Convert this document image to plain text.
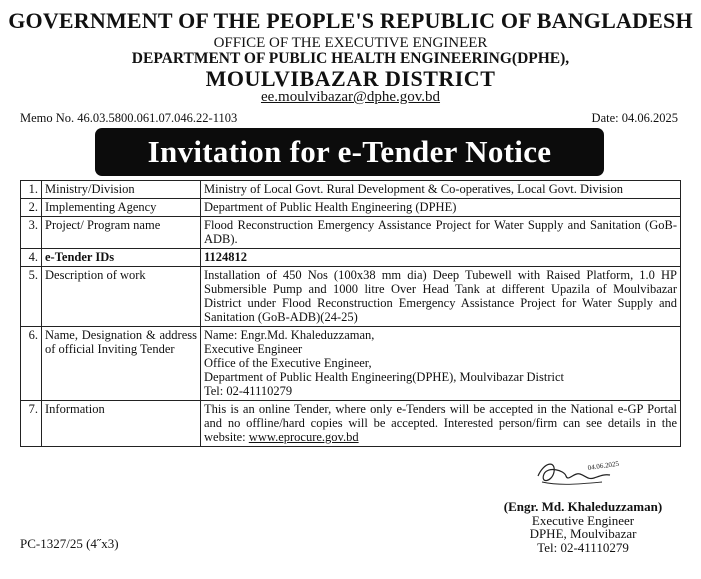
GOVERNMENT OF THE PEOPLE'S REPUBLIC OF BANGLADESH
OFFICE OF THE EXECUTIVE ENGINEER
DEPARTMENT OF PUBLIC HEALTH ENGINEERING(DPHE),
MOULVIBAZAR DISTRICT
ee.moulvibazar@dphe.gov.bd
Memo No. 46.03.5800.061.07.046.22-1103	Date: 04.06.2025
Invitation for e-Tender Notice
1.	Ministry/Division	Ministry of Local Govt. Rural Development & Co-operatives, Local Govt. Division
2.	Implementing Agency	Department of Public Health Engineering (DPHE)
3.	Project/ Program name	Flood Reconstruction Emergency Assistance Project for Water Supply and Sanitation (GoB-ADB).
4.	e-Tender IDs	1124812
5.	Description of work	Installation of 450 Nos (100x38 mm dia) Deep Tubewell with Raised Platform, 1.0 HP Submersible Pump and 1000 litre Over Head Tank at different Upazila of Moulvibazar District under Flood Reconstruction Emergency Assistance Project for Water Supply and Sanitation (GoB-ADB)(24-25)
6.	Name, Designation & address of official Inviting Tender	Name: Engr.Md. Khaleduzzaman,
Executive Engineer
Office of the Executive Engineer,
Department of Public Health Engineering(DPHE), Moulvibazar District
Tel: 02-41110279

7.	Information	This is an online Tender, where only e-Tenders will be accepted in the National e-GP Portal and no offline/hard copies will be accepted. Interested person/firm can see details in the website: www.eprocure.gov.bd
04.06.2025
(Engr. Md. Khaleduzzaman)
Executive Engineer
DPHE, Moulvibazar
Tel: 02-41110279
PC-1327/25 (4˝x3)
